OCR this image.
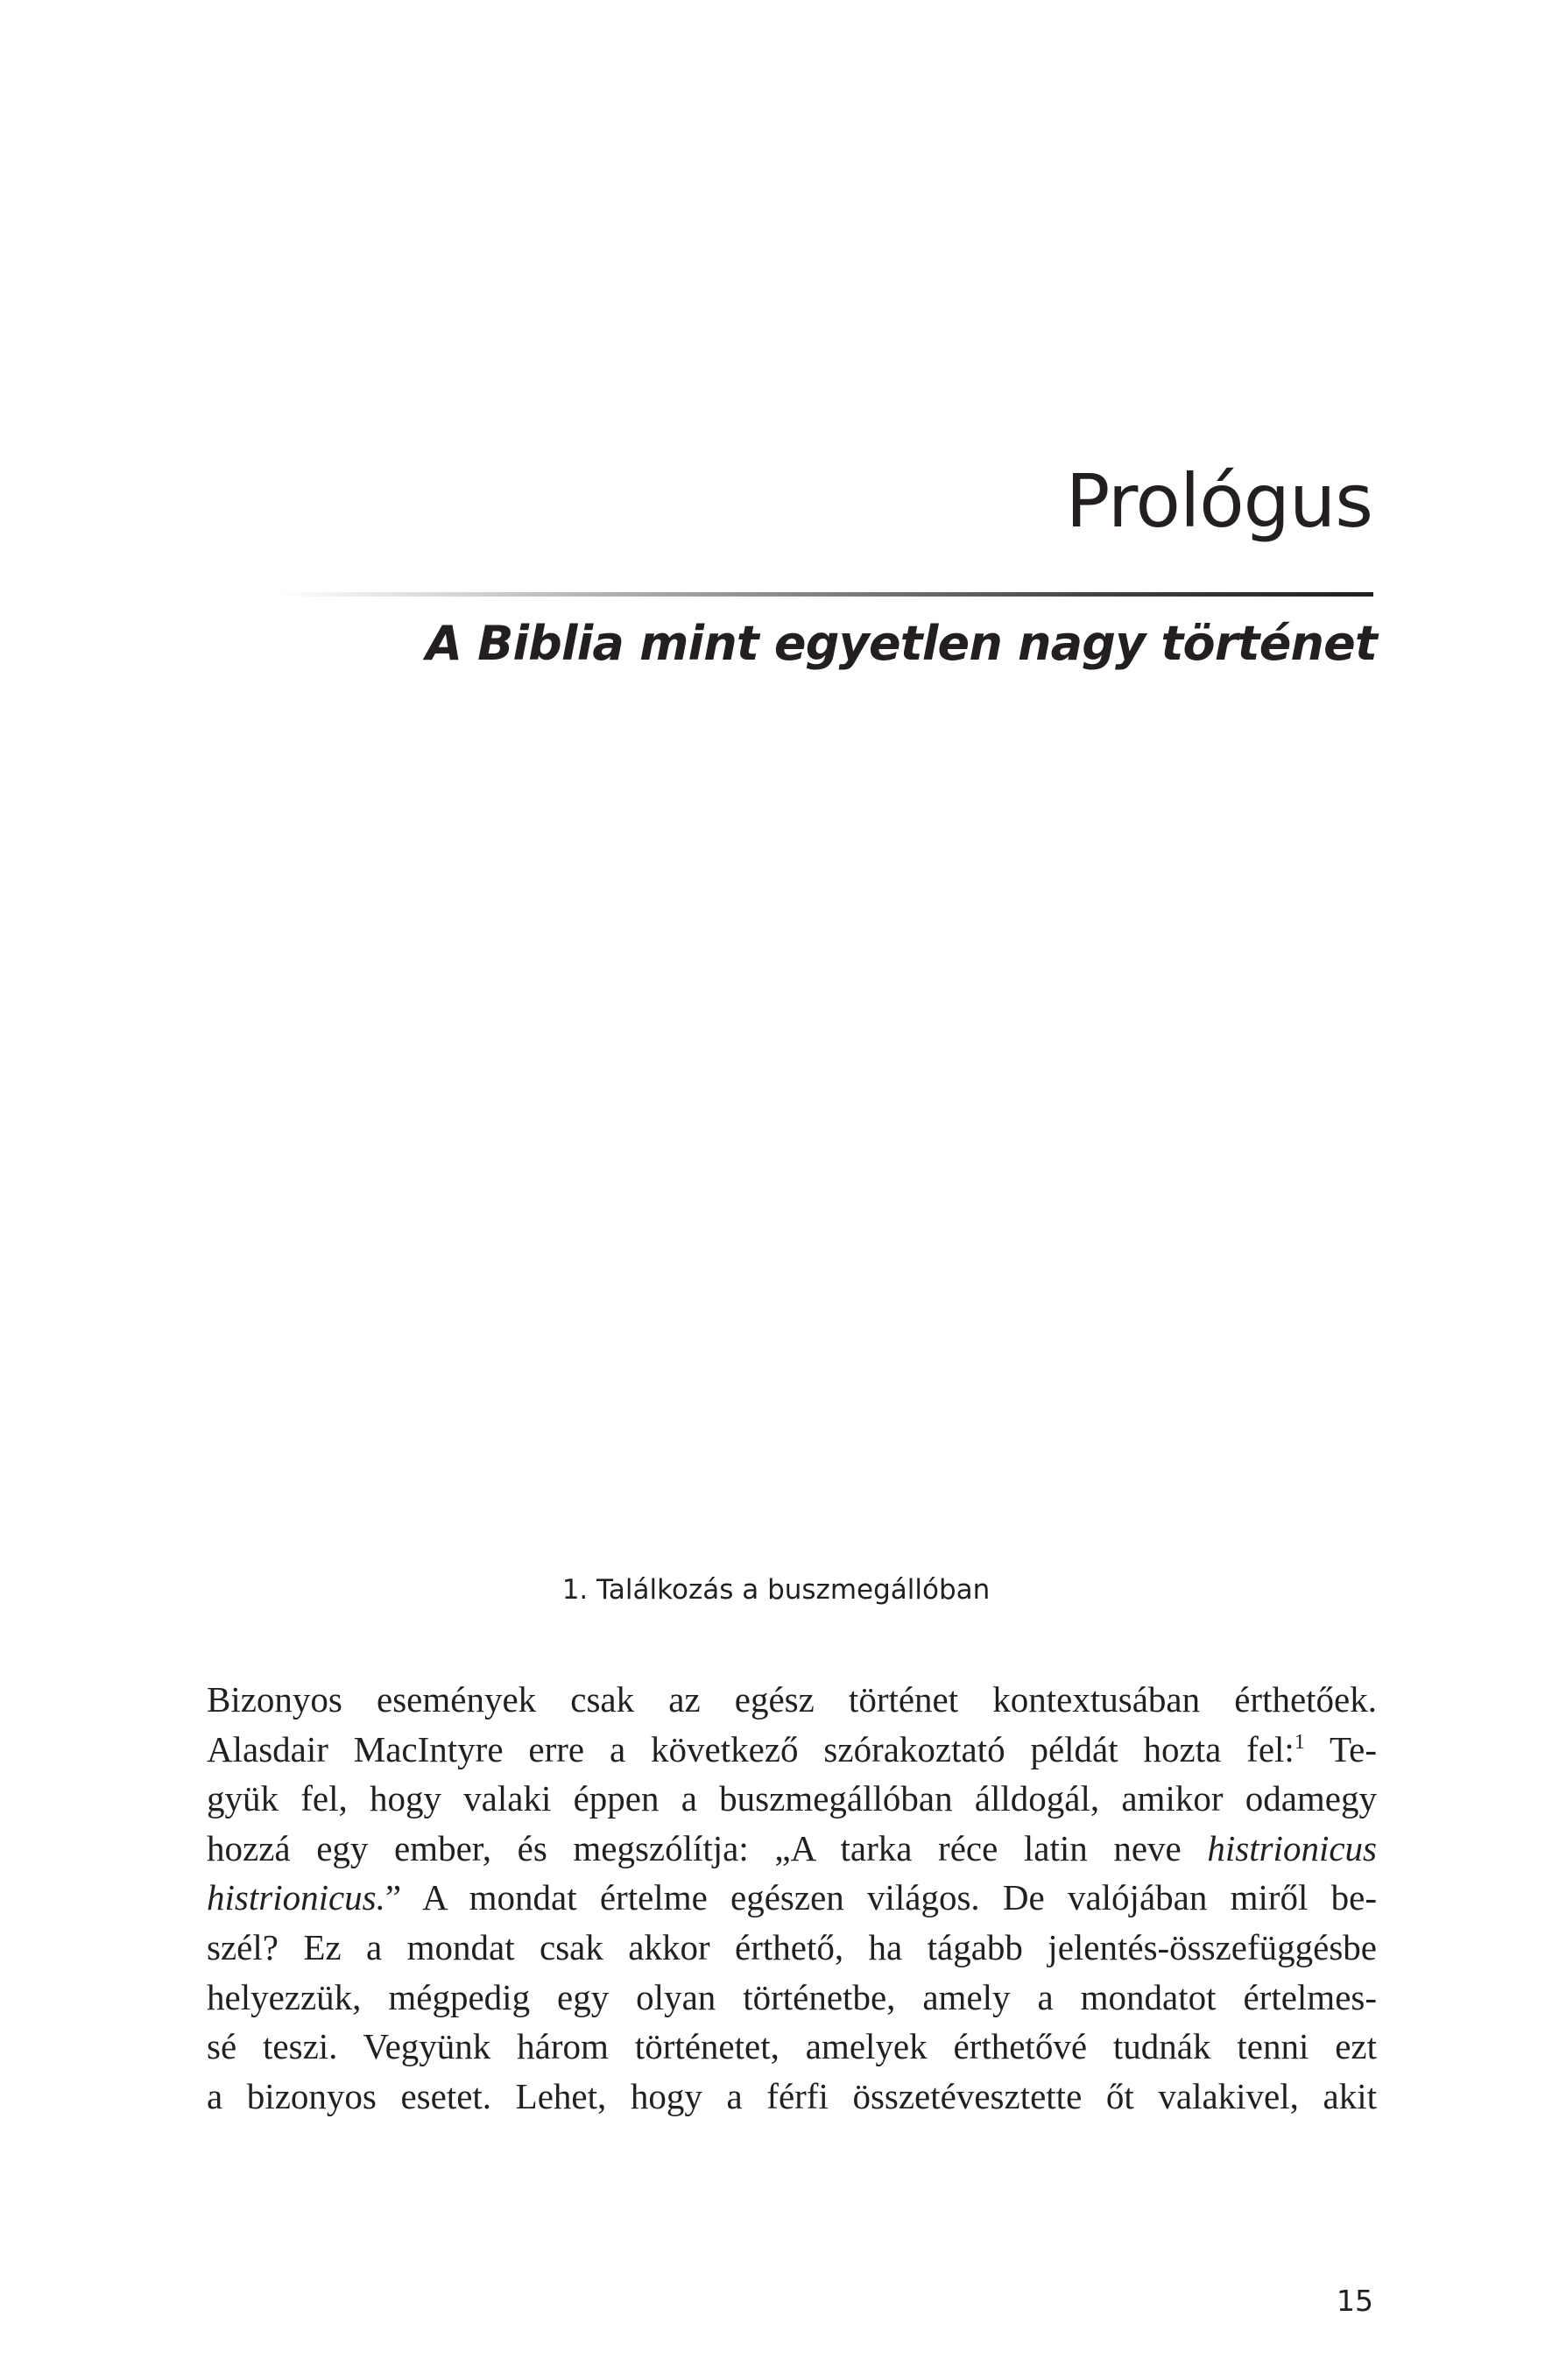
Prológus
A Biblia mint egyetlen nagy történet
1. Találkozás a buszmegállóban
Bizonyos események csak az egész történet kontextusában érthetőek.
Alasdair MacIntyre erre a következő szórakoztató példát hozta fel:$^1$ Te-
gyük fel, hogy valaki éppen a buszmegállóban álldogál, amikor odamegy
hozzá egy ember, és megszólítja: „A tarka réce latin neve histrionicus
histrionicus.” A mondat értelme egészen világos. De valójában miről be-
szél? Ez a mondat csak akkor érthető, ha tágabb jelentés-összefüggésbe
helyezzük, mégpedig egy olyan történetbe, amely a mondatot értelmes-
sé teszi. Vegyünk három történetet, amelyek érthetővé tudnák tenni ezt
a bizonyos esetet. Lehet, hogy a férfi összetévesztette őt valakivel, akit
15
